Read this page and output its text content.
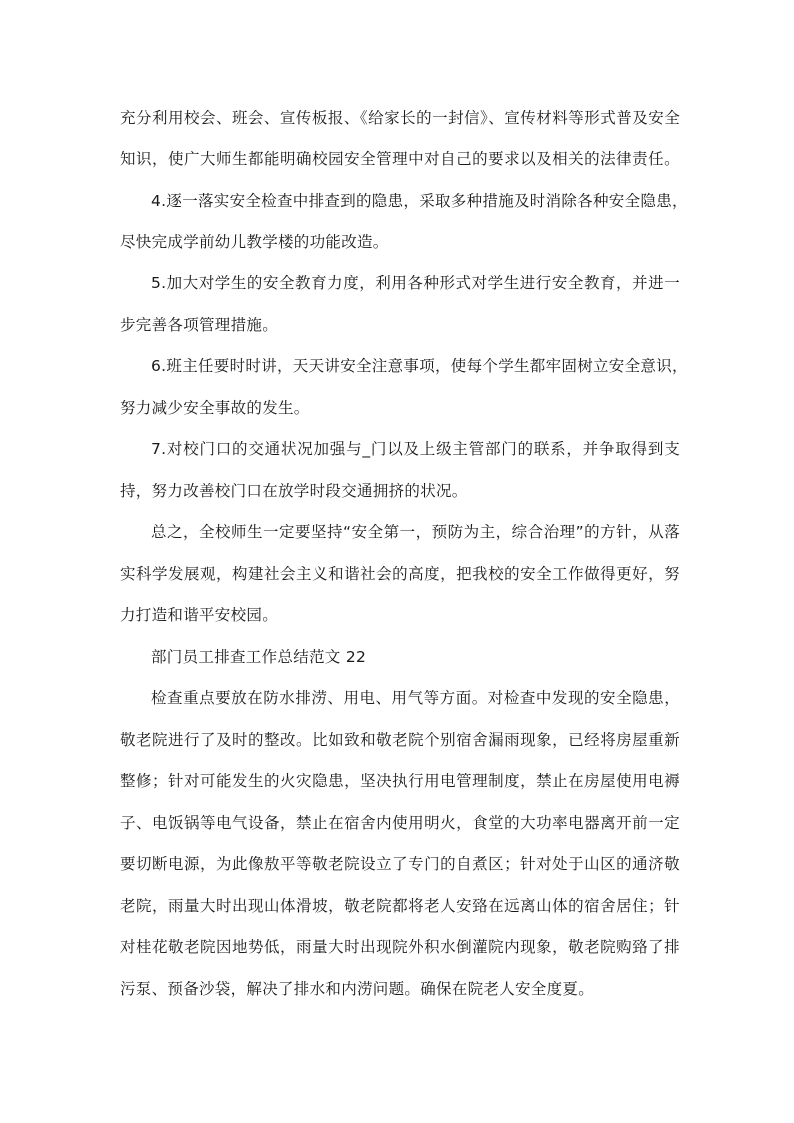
充分利用校会、班会、宣传板报、《给家长的一封信》、宣传材料等形式普及安全
知识，使广大师生都能明确校园安全管理中对自己的要求以及相关的法律责任。
4.逐一落实安全检查中排查到的隐患，采取多种措施及时消除各种安全隐患，
尽快完成学前幼儿教学楼的功能改造。
5.加大对学生的安全教育力度，利用各种形式对学生进行安全教育，并进一
步完善各项管理措施。
6.班主任要时时讲，天天讲安全注意事项，使每个学生都牢固树立安全意识，
努力减少安全事故的发生。
7.对校门口的交通状况加强与_门以及上级主管部门的联系，并争取得到支
持，努力改善校门口在放学时段交通拥挤的状况。
总之，全校师生一定要坚持“安全第一，预防为主，综合治理”的方针，从落
实科学发展观，构建社会主义和谐社会的高度，把我校的安全工作做得更好，努
力打造和谐平安校园。
部门员工排查工作总结范文 22
检查重点要放在防水排涝、用电、用气等方面。对检查中发现的安全隐患，
敬老院进行了及时的整改。比如致和敬老院个别宿舍漏雨现象，已经将房屋重新
整修；针对可能发生的火灾隐患，坚决执行用电管理制度，禁止在房屋使用电褥
子、电饭锅等电气设备，禁止在宿舍内使用明火，食堂的大功率电器离开前一定
要切断电源，为此像敖平等敬老院设立了专门的自煮区；针对处于山区的通济敬
老院，雨量大时出现山体滑坡，敬老院都将老人安臵在远离山体的宿舍居住；针
对桂花敬老院因地势低，雨量大时出现院外积水倒灌院内现象，敬老院购臵了排
污泵、预备沙袋，解决了排水和内涝问题。确保在院老人安全度夏。
